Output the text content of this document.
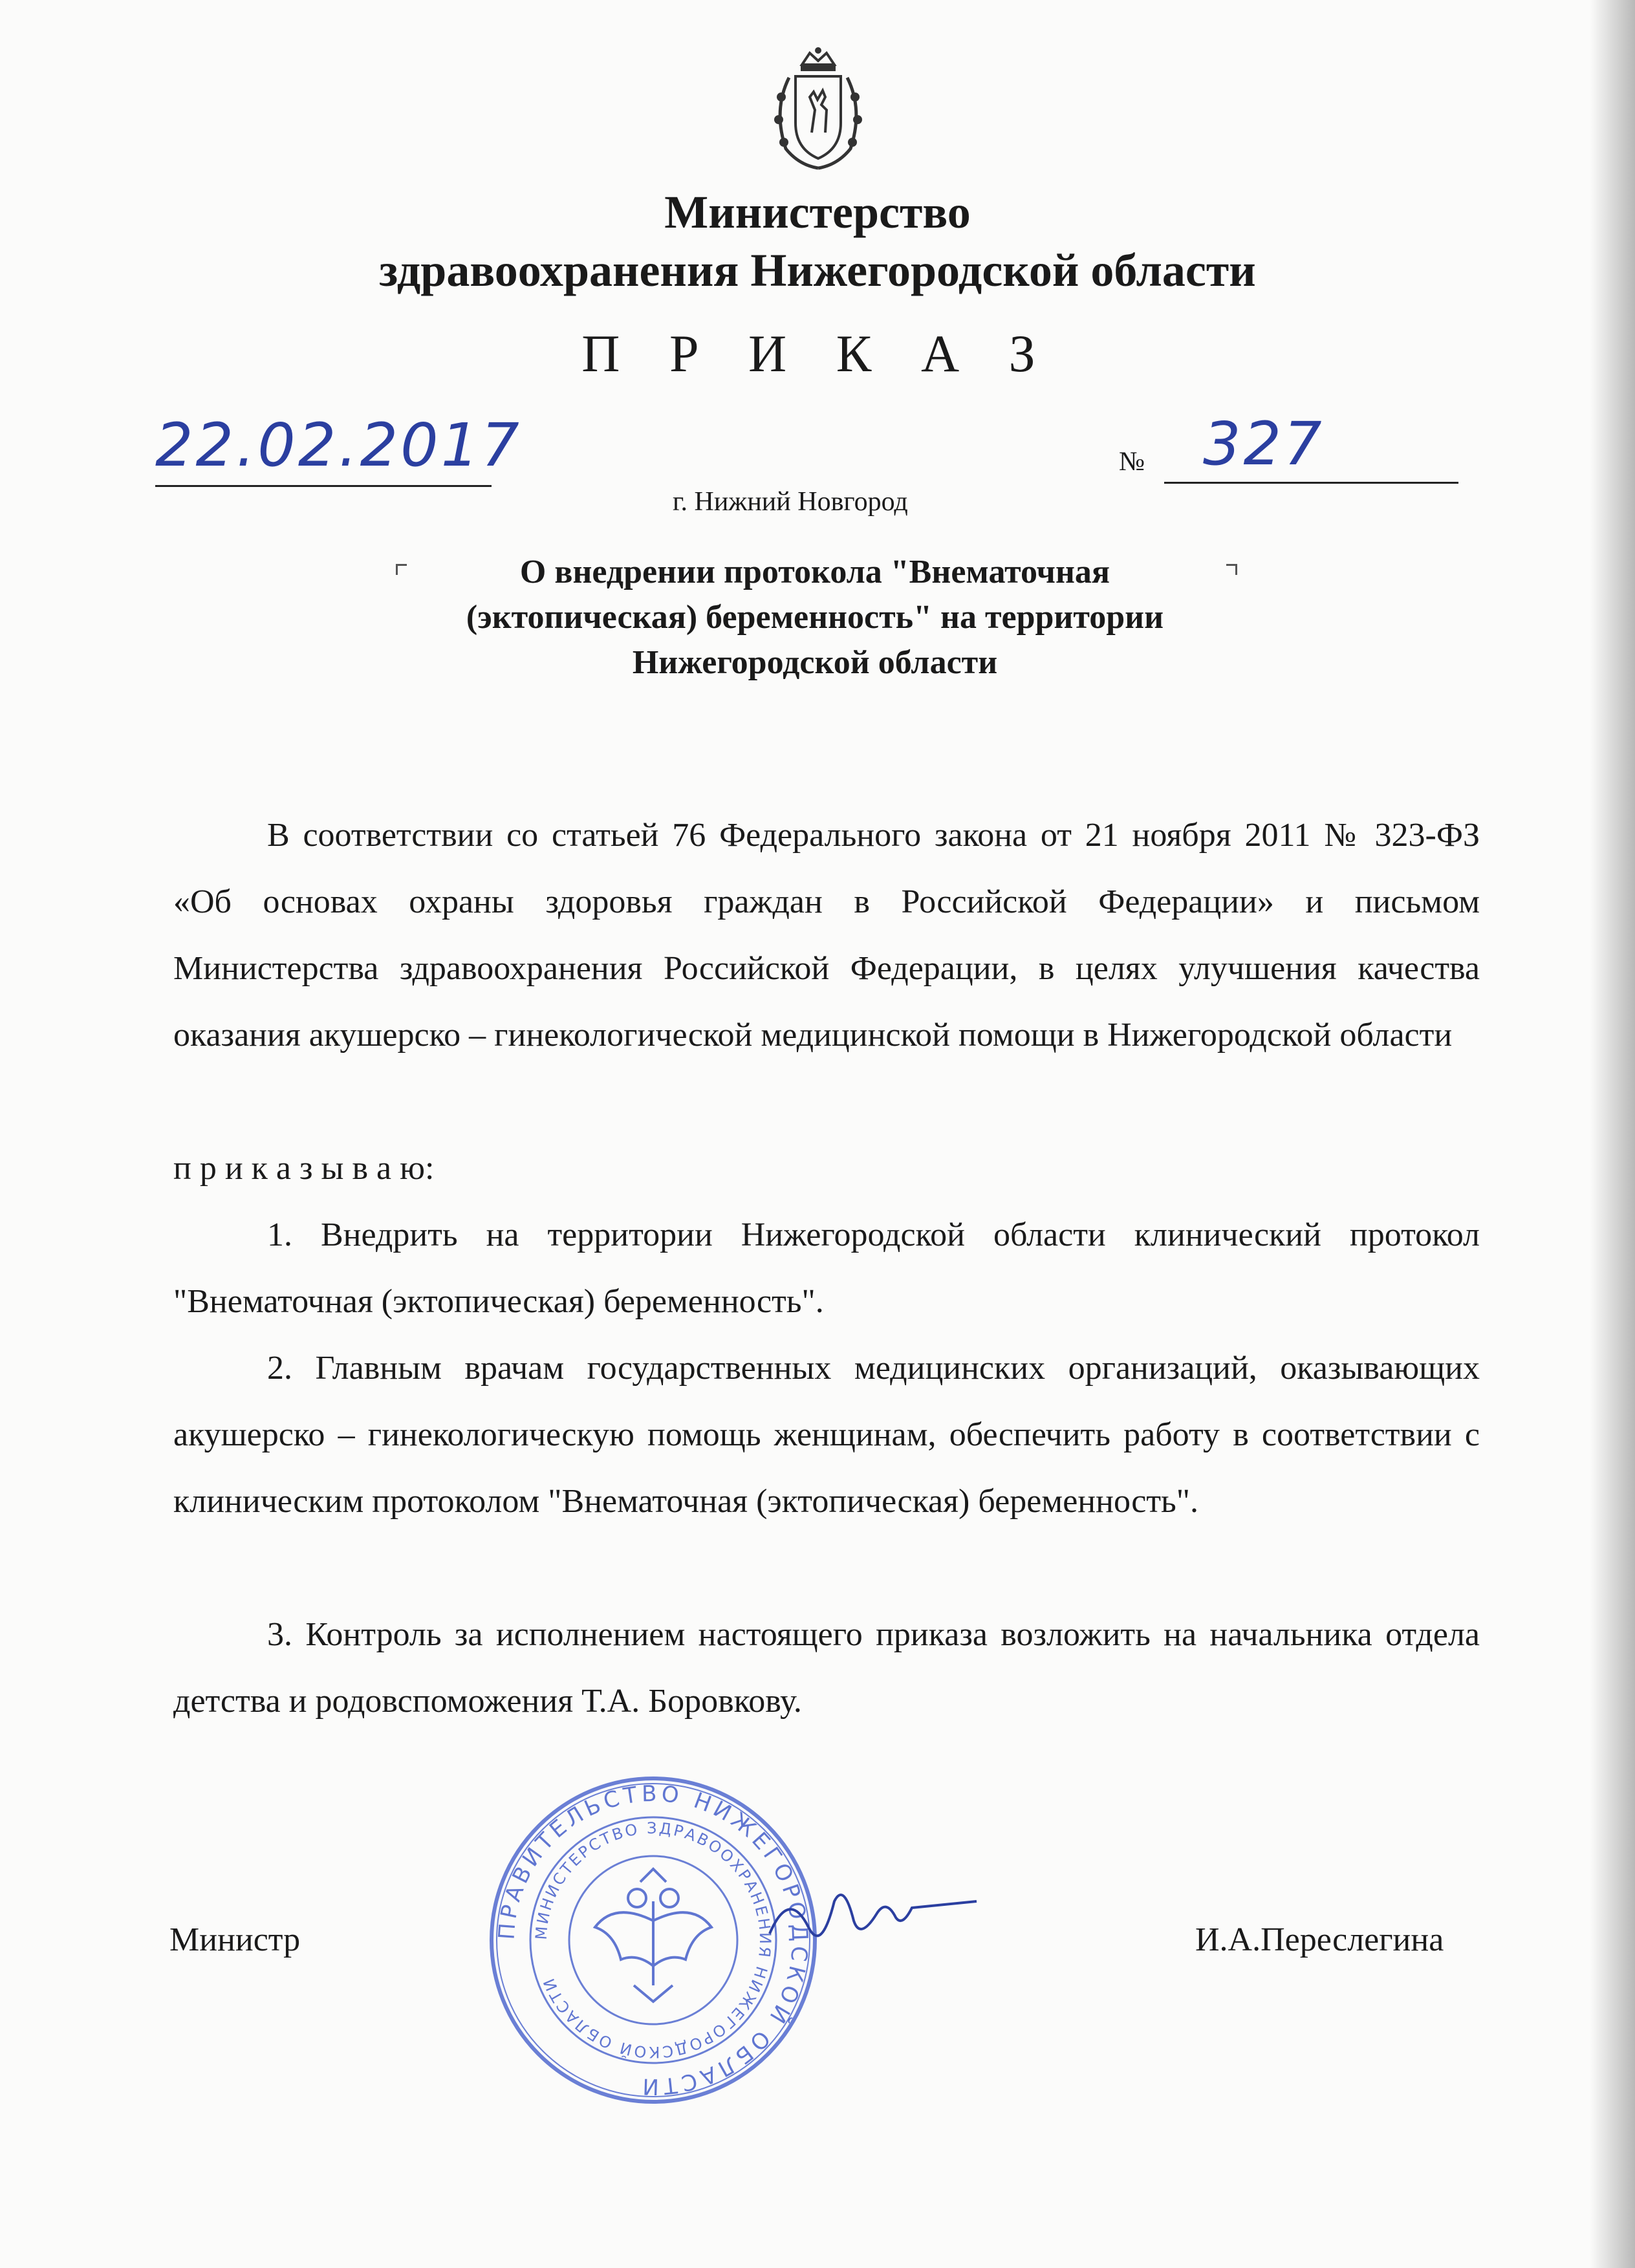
Министерство
здравоохранения Нижегородской области
П Р И К А З
22.02.2017	№ 327
г. Нижний Новгород
О внедрении протокола "Внематочная
(эктопическая) беременность" на территории
Нижегородской области
В соответствии со статьей 76 Федерального закона от 21 ноября 2011 № 323-ФЗ «Об основах охраны здоровья граждан в Российской Федерации» и письмом Министерства здравоохранения Российской Федерации, в целях улучшения качества оказания акушерско – гинекологической медицинской помощи в Нижегородской области
п р и к а з ы в а ю:
1. Внедрить на территории Нижегородской области клинический протокол "Внематочная (эктопическая) беременность".
2. Главным врачам государственных медицинских организаций, оказывающих акушерско – гинекологическую помощь женщинам, обеспечить работу в соответствии с клиническим протоколом "Внематочная (эктопическая) беременность".
3. Контроль за исполнением настоящего приказа возложить на начальника отдела детства и родовспоможения Т.А. Боровкову.
Министр	И.А.Переслегина
ПРАВИТЕЛЬСТВО НИЖЕГОРОДСКОЙ ОБЛАСТИ
МИНИСТЕРСТВО ЗДРАВООХРАНЕНИЯ НИЖЕГОРОДСКОЙ ОБЛАСТИ
